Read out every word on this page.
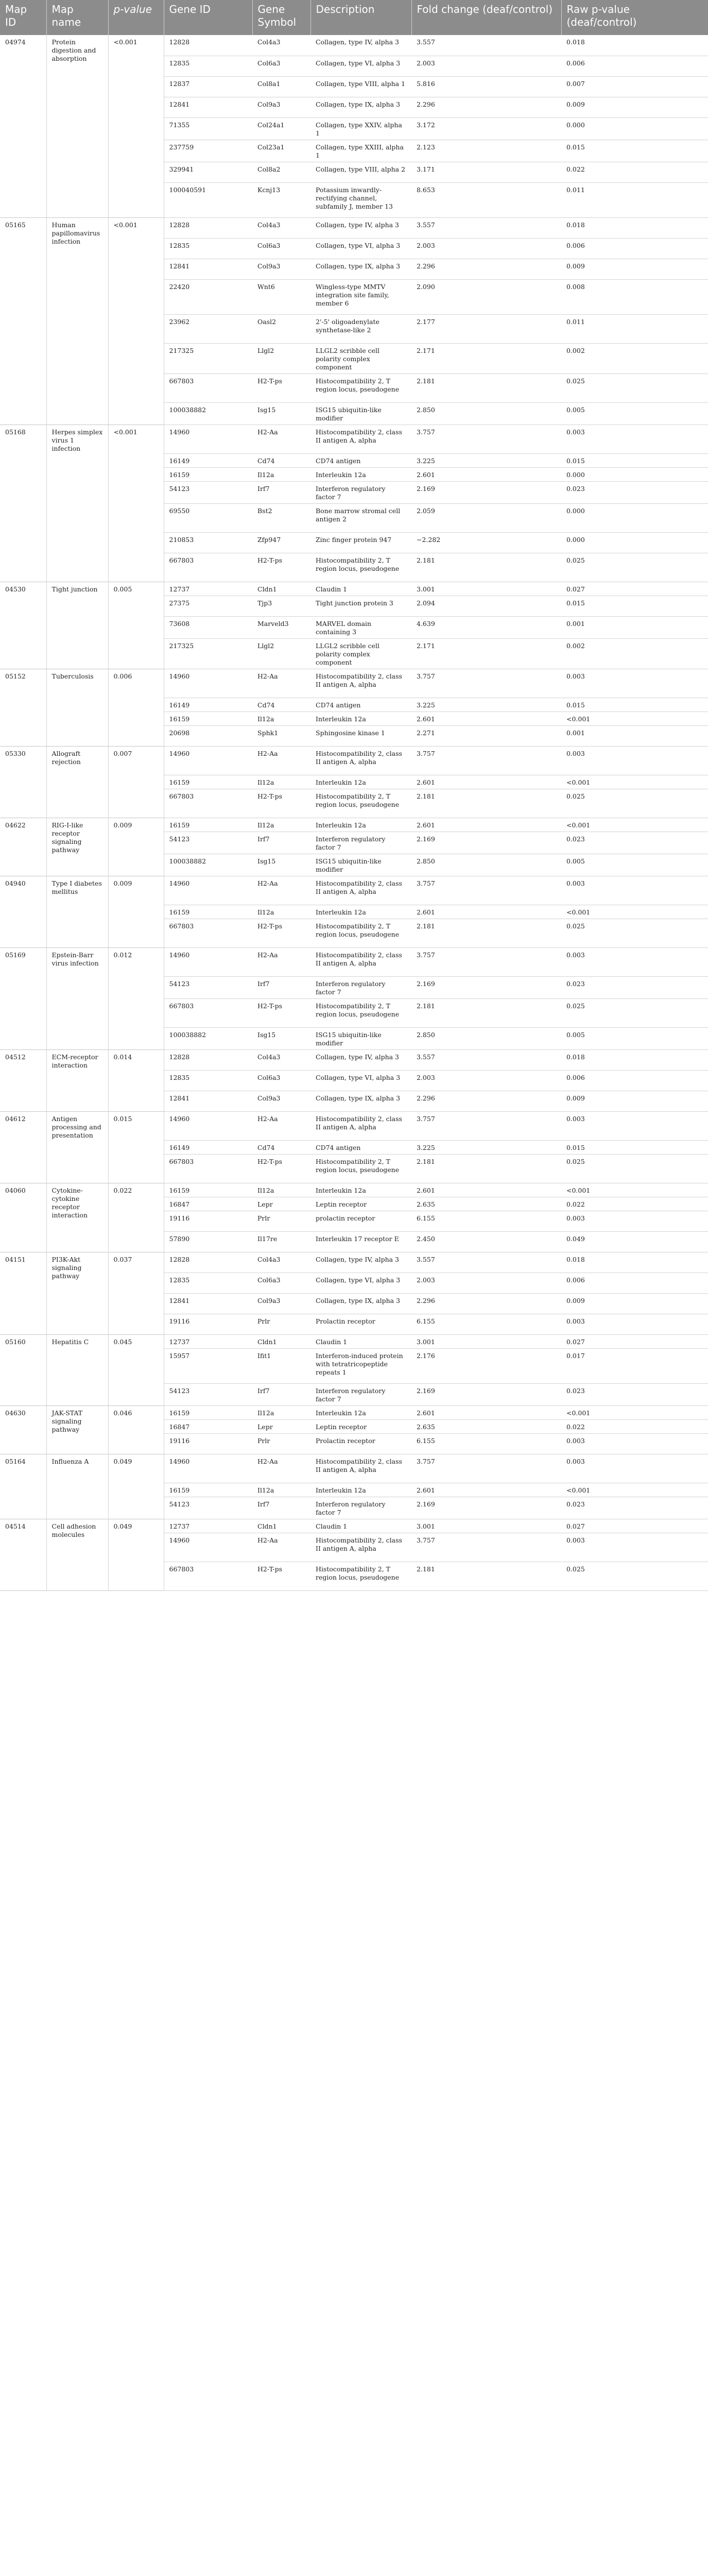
Map ID	Map name	p-value	Gene ID	Gene Symbol	Description	Fold change (deaf/control)	Raw p-value (deaf/control)
04974	Protein digestion and absorption	<0.001	12828	Col4a3	Collagen, type IV, alpha 3	3.557	0.018
			12835	Col6a3	Collagen, type VI, alpha 3	2.003	0.006
			12837	Col8a1	Collagen, type VIII, alpha 1	5.816	0.007
			12841	Col9a3	Collagen, type IX, alpha 3	2.296	0.009
			71355	Col24a1	Collagen, type XXIV, alpha 1	3.172	0.000
			237759	Col23a1	Collagen, type XXIII, alpha 1	2.123	0.015
			329941	Col8a2	Collagen, type VIII, alpha 2	3.171	0.022
			100040591	Kcnj13	Potassium inwardly-rectifying channel, subfamily J, member 13	8.653	0.011
05165	Human papillomavirus infection	<0.001	12828	Col4a3	Collagen, type IV, alpha 3	3.557	0.018
			12835	Col6a3	Collagen, type VI, alpha 3	2.003	0.006
			12841	Col9a3	Collagen, type IX, alpha 3	2.296	0.009
			22420	Wnt6	Wingless-type MMTV integration site family, member 6	2.090	0.008
			23962	Oasl2	2'-5' oligoadenylate synthetase-like 2	2.177	0.011
			217325	Llgl2	LLGL2 scribble cell polarity complex component	2.171	0.002
			667803	H2-T-ps	Histocompatibility 2, T region locus, pseudogene	2.181	0.025
			100038882	Isg15	ISG15 ubiquitin-like modifier	2.850	0.005
05168	Herpes simplex virus 1 infection	<0.001	14960	H2-Aa	Histocompatibility 2, class II antigen A, alpha	3.757	0.003
			16149	Cd74	CD74 antigen	3.225	0.015
			16159	Il12a	Interleukin 12a	2.601	0.000
			54123	Irf7	Interferon regulatory factor 7	2.169	0.023
			69550	Bst2	Bone marrow stromal cell antigen 2	2.059	0.000
			210853	Zfp947	Zinc finger protein 947	−2.282	0.000
			667803	H2-T-ps	Histocompatibility 2, T region locus, pseudogene	2.181	0.025
04530	Tight junction	0.005	12737	Cldn1	Claudin 1	3.001	0.027
			27375	Tjp3	Tight junction protein 3	2.094	0.015
			73608	Marveld3	MARVEL domain containing 3	4.639	0.001
			217325	Llgl2	LLGL2 scribble cell polarity complex component	2.171	0.002
05152	Tuberculosis	0.006	14960	H2-Aa	Histocompatibility 2, class II antigen A, alpha	3.757	0.003
			16149	Cd74	CD74 antigen	3.225	0.015
			16159	Il12a	Interleukin 12a	2.601	<0.001
			20698	Sphk1	Sphingosine kinase 1	2.271	0.001
05330	Allograft rejection	0.007	14960	H2-Aa	Histocompatibility 2, class II antigen A, alpha	3.757	0.003
			16159	Il12a	Interleukin 12a	2.601	<0.001
			667803	H2-T-ps	Histocompatibility 2, T region locus, pseudogene	2.181	0.025
04622	RIG-I-like receptor signaling pathway	0.009	16159	Il12a	Interleukin 12a	2.601	<0.001
			54123	Irf7	Interferon regulatory factor 7	2.169	0.023
			100038882	Isg15	ISG15 ubiquitin-like modifier	2.850	0.005
04940	Type I diabetes mellitus	0.009	14960	H2-Aa	Histocompatibility 2, class II antigen A, alpha	3.757	0.003
			16159	Il12a	Interleukin 12a	2.601	<0.001
			667803	H2-T-ps	Histocompatibility 2, T region locus, pseudogene	2.181	0.025
05169	Epstein-Barr virus infection	0.012	14960	H2-Aa	Histocompatibility 2, class II antigen A, alpha	3.757	0.003
			54123	Irf7	Interferon regulatory factor 7	2.169	0.023
			667803	H2-T-ps	Histocompatibility 2, T region locus, pseudogene	2.181	0.025
			100038882	Isg15	ISG15 ubiquitin-like modifier	2.850	0.005
04512	ECM-receptor interaction	0.014	12828	Col4a3	Collagen, type IV, alpha 3	3.557	0.018
			12835	Col6a3	Collagen, type VI, alpha 3	2.003	0.006
			12841	Col9a3	Collagen, type IX, alpha 3	2.296	0.009
04612	Antigen processing and presentation	0.015	14960	H2-Aa	Histocompatibility 2, class II antigen A, alpha	3.757	0.003
			16149	Cd74	CD74 antigen	3.225	0.015
			667803	H2-T-ps	Histocompatibility 2, T region locus, pseudogene	2.181	0.025
04060	Cytokine-cytokine receptor interaction	0.022	16159	Il12a	Interleukin 12a	2.601	<0.001
			16847	Lepr	Leptin receptor	2.635	0.022
			19116	Prlr	prolactin receptor	6.155	0.003
			57890	Il17re	Interleukin 17 receptor E	2.450	0.049
04151	PI3K-Akt signaling pathway	0.037	12828	Col4a3	Collagen, type IV, alpha 3	3.557	0.018
			12835	Col6a3	Collagen, type VI, alpha 3	2.003	0.006
			12841	Col9a3	Collagen, type IX, alpha 3	2.296	0.009
			19116	Prlr	Prolactin receptor	6.155	0.003
05160	Hepatitis C	0.045	12737	Cldn1	Claudin 1	3.001	0.027
			15957	Ifit1	Interferon-induced protein with tetratricopeptide repeats 1	2.176	0.017
			54123	Irf7	Interferon regulatory factor 7	2.169	0.023
04630	JAK-STAT signaling pathway	0.046	16159	Il12a	Interleukin 12a	2.601	<0.001
			16847	Lepr	Leptin receptor	2.635	0.022
			19116	Prlr	Prolactin receptor	6.155	0.003
05164	Influenza A	0.049	14960	H2-Aa	Histocompatibility 2, class II antigen A, alpha	3.757	0.003
			16159	Il12a	Interleukin 12a	2.601	<0.001
			54123	Irf7	Interferon regulatory factor 7	2.169	0.023
04514	Cell adhesion molecules	0.049	12737	Cldn1	Claudin 1	3.001	0.027
			14960	H2-Aa	Histocompatibility 2, class II antigen A, alpha	3.757	0.003
			667803	H2-T-ps	Histocompatibility 2, T region locus, pseudogene	2.181	0.025
